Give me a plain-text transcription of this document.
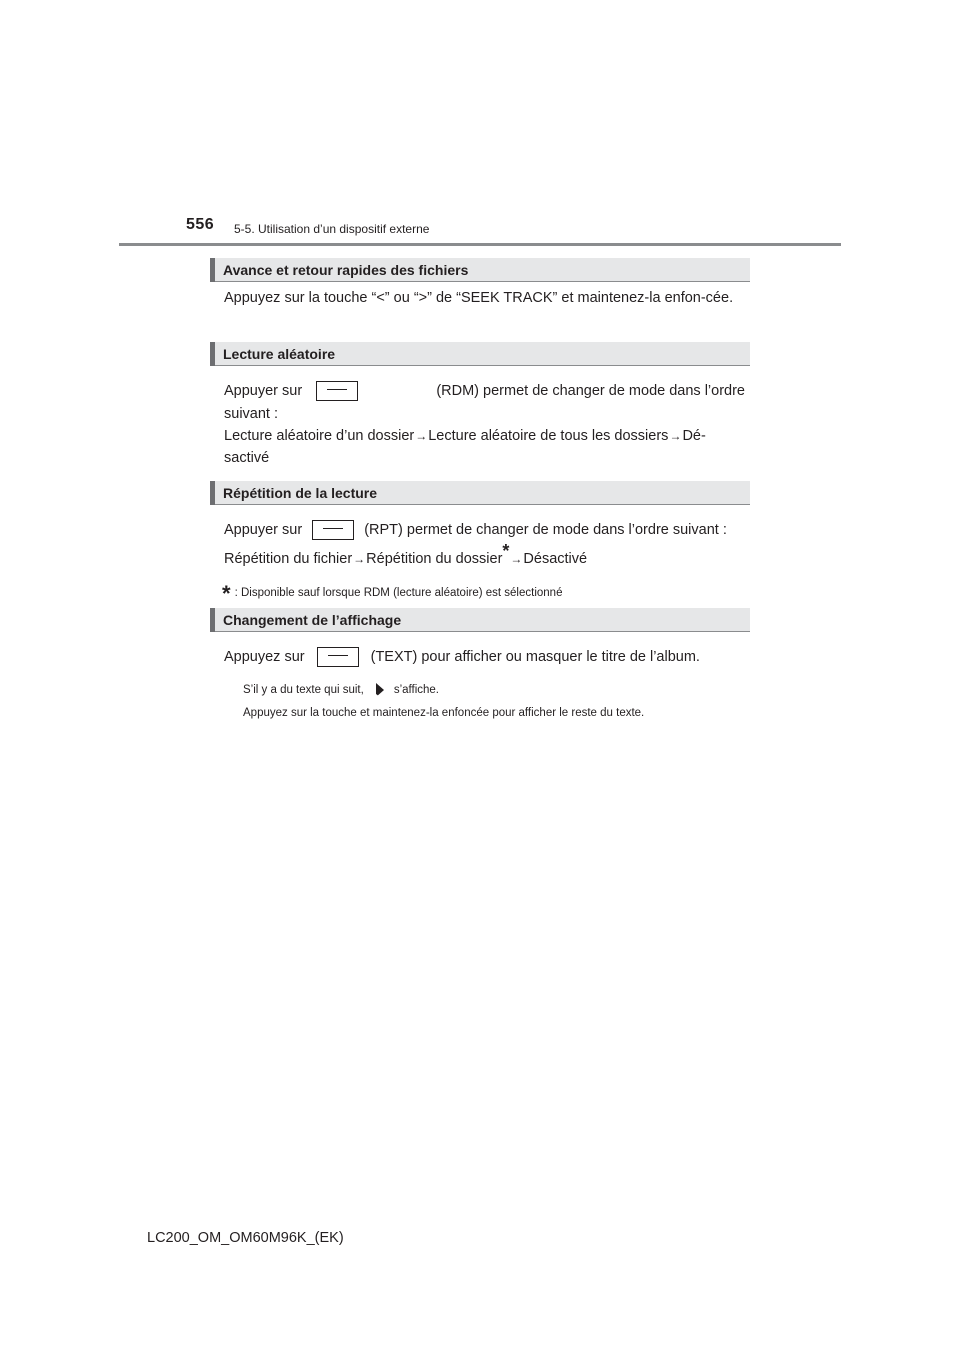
556 5-5. Utilisation d’un dispositif externe
Avance et retour rapides des fichiers
Appuyez sur la touche “<” ou “>” de “SEEK TRACK” et maintenez-la enfon-cée.
Lecture aléatoire
Appuyer sur	(RDM) permet de changer de mode dans l’ordre
suivant :
Lecture aléatoire d’un dossier→Lecture aléatoire de tous les dossiers→Dé-
sactivé
Répétition de la lecture
Appuyer sur	(RPT) permet de changer de mode dans l’ordre suivant :
Répétition du fichier→Répétition du dossier*→Désactivé
* : Disponible sauf lorsque RDM (lecture aléatoire) est sélectionné
Changement de l’affichage
Appuyez sur	(TEXT) pour afficher ou masquer le titre de l’album.
S’il y a du texte qui suit,	s’affiche.
Appuyez sur la touche et maintenez-la enfoncée pour afficher le reste du texte.
LC200_OM_OM60M96K_(EK)
